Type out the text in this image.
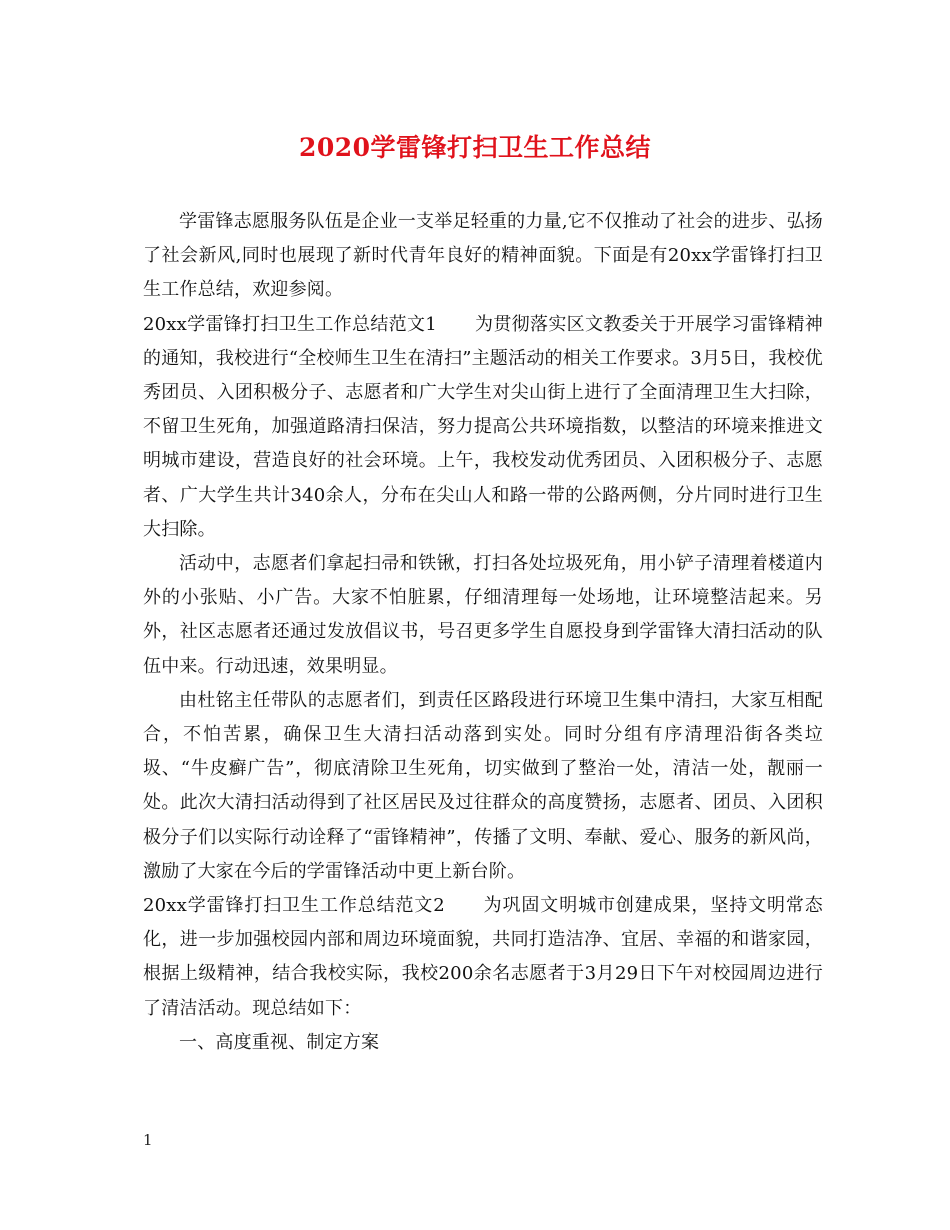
2020学雷锋打扫卫生工作总结

学雷锋志愿服务队伍是企业一支举足轻重的力量,它不仅推动了社会的进步、弘扬了社会新风,同时也展现了新时代青年良好的精神面貌。下面是有20xx学雷锋打扫卫生工作总结，欢迎参阅。

20xx学雷锋打扫卫生工作总结范文1 为贯彻落实区文教委关于开展学习雷锋精神的通知，我校进行“全校师生卫生在清扫”主题活动的相关工作要求。3月5日，我校优秀团员、入团积极分子、志愿者和广大学生对尖山街上进行了全面清理卫生大扫除，不留卫生死角，加强道路清扫保洁，努力提高公共环境指数，以整洁的环境来推进文明城市建设，营造良好的社会环境。上午，我校发动优秀团员、入团积极分子、志愿者、广大学生共计340余人，分布在尖山人和路一带的公路两侧，分片同时进行卫生大扫除。

活动中，志愿者们拿起扫帚和铁锹，打扫各处垃圾死角，用小铲子清理着楼道内外的小张贴、小广告。大家不怕脏累，仔细清理每一处场地，让环境整洁起来。另外，社区志愿者还通过发放倡议书，号召更多学生自愿投身到学雷锋大清扫活动的队伍中来。行动迅速，效果明显。

由杜铭主任带队的志愿者们，到责任区路段进行环境卫生集中清扫，大家互相配合，不怕苦累，确保卫生大清扫活动落到实处。同时分组有序清理沿街各类垃圾、“牛皮癣广告”，彻底清除卫生死角，切实做到了整治一处，清洁一处，靓丽一处。此次大清扫活动得到了社区居民及过往群众的高度赞扬，志愿者、团员、入团积极分子们以实际行动诠释了“雷锋精神”，传播了文明、奉献、爱心、服务的新风尚，激励了大家在今后的学雷锋活动中更上新台阶。

20xx学雷锋打扫卫生工作总结范文2 为巩固文明城市创建成果，坚持文明常态化，进一步加强校园内部和周边环境面貌，共同打造洁净、宜居、幸福的和谐家园，根据上级精神，结合我校实际，我校200余名志愿者于3月29日下午对校园周边进行了清洁活动。现总结如下：

一、高度重视、制定方案

1
